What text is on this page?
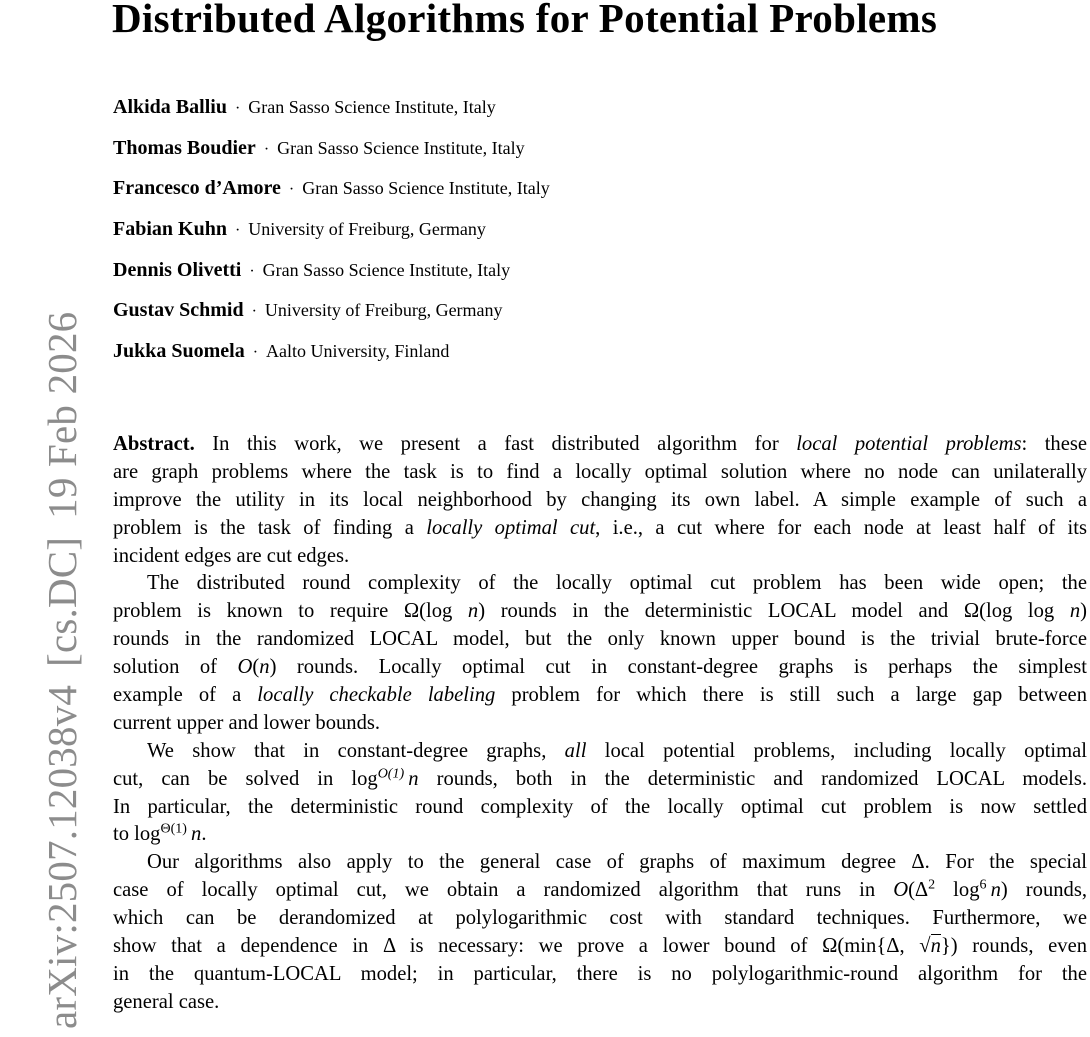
Distributed Algorithms for Potential Problems
Alkida Balliu · Gran Sasso Science Institute, Italy
Thomas Boudier · Gran Sasso Science Institute, Italy
Francesco d’Amore · Gran Sasso Science Institute, Italy
Fabian Kuhn · University of Freiburg, Germany
Dennis Olivetti · Gran Sasso Science Institute, Italy
Gustav Schmid · University of Freiburg, Germany
Jukka Suomela · Aalto University, Finland
arXiv:2507.12038v4[cs.DC]19 Feb 2026 Abstract. In this work, we present a fast distributed algorithm for local potential problems: these
are graph problems where the task is to find a locally optimal solution where no node can unilaterally
improve the utility in its local neighborhood by changing its own label. A simple example of such a
problem is the task of finding a locally optimal cut, i.e., a cut where for each node at least half of its
incident edges are cut edges.
The distributed round complexity of the locally optimal cut problem has been wide open; the
problem is known to require Ω(log n) rounds in the deterministic LOCAL model and Ω(log log n)
rounds in the randomized LOCAL model, but the only known upper bound is the trivial brute-force
solution of O(n) rounds. Locally optimal cut in constant-degree graphs is perhaps the simplest
example of a locally checkable labeling problem for which there is still such a large gap between
current upper and lower bounds.
We show that in constant-degree graphs, all local potential problems, including locally optimal
cut, can be solved in $\log^{O(1)} n$ rounds, both in the deterministic and randomized LOCAL models.
In particular, the deterministic round complexity of the locally optimal cut problem is now settled
to $\log^{\Theta(1)} n$.
Our algorithms also apply to the general case of graphs of maximum degree Δ. For the special
case of locally optimal cut, we obtain a randomized algorithm that runs in $O(\Delta^2$ $\log^6 n$) rounds,
which can be derandomized at polylogarithmic cost with standard techniques. Furthermore, we
show that a dependence in Δ is necessary: we prove a lower bound of Ω(min{Δ, √n}) rounds, even
in the quantum-LOCAL model; in particular, there is no polylogarithmic-round algorithm for the
general case.
